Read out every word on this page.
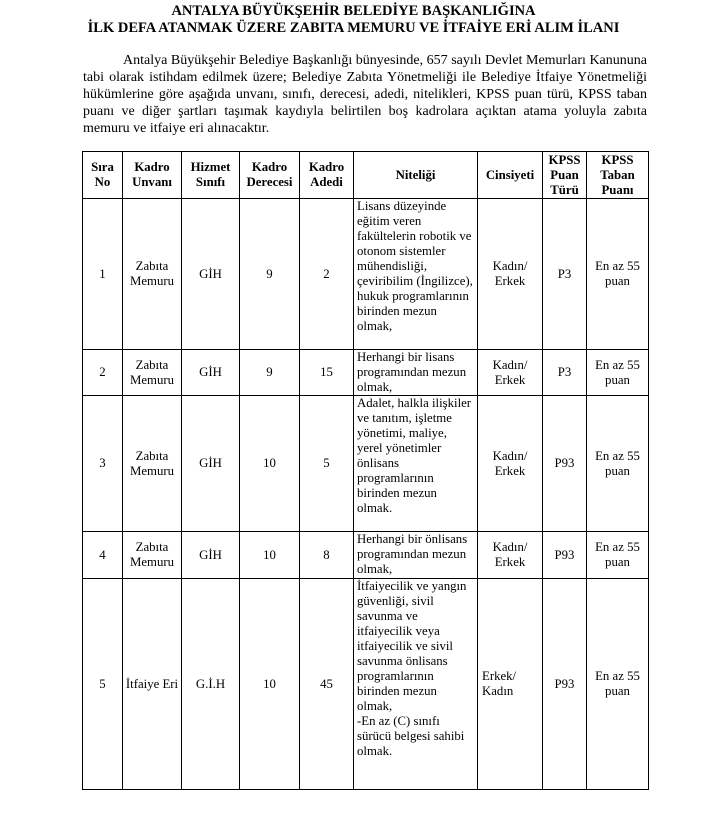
ANTALYA BÜYÜKŞEHİR BELEDİYE BAŞKANLIĞINA
İLK DEFA ATANMAK ÜZERE ZABITA MEMURU VE İTFAİYE ERİ ALIM İLANI

Antalya Büyükşehir Belediye Başkanlığı bünyesinde, 657 sayılı Devlet Memurları Kanununa tabi olarak istihdam edilmek üzere; Belediye Zabıta Yönetmeliği ile Belediye İtfaiye Yönetmeliği hükümlerine göre aşağıda unvanı, sınıfı, derecesi, adedi, nitelikleri, KPSS puan türü, KPSS taban puanı ve diğer şartları taşımak kaydıyla belirtilen boş kadrolara açıktan atama yoluyla zabıta memuru ve itfaiye eri alınacaktır.

Sıra No	Kadro Unvanı	Hizmet Sınıfı	Kadro Derecesi	Kadro Adedi	Niteliği	Cinsiyeti	KPSS Puan Türü	KPSS Taban Puanı
1	Zabıta Memuru	GİH	9	2	Lisans düzeyinde eğitim veren fakültelerin robotik ve otonom sistemler mühendisliği, çeviribilim (İngilizce), hukuk programlarının birinden mezun olmak,	Kadın/ Erkek	P3	En az 55 puan
2	Zabıta Memuru	GİH	9	15	Herhangi bir lisans programından mezun olmak,	Kadın/ Erkek	P3	En az 55 puan
3	Zabıta Memuru	GİH	10	5	Adalet, halkla ilişkiler ve tanıtım, işletme yönetimi, maliye, yerel yönetimler önlisans programlarının birinden mezun olmak.	Kadın/ Erkek	P93	En az 55 puan
4	Zabıta Memuru	GİH	10	8	Herhangi bir önlisans programından mezun olmak,	Kadın/ Erkek	P93	En az 55 puan
5	İtfaiye Eri	G.İ.H	10	45	İtfaiyecilik ve yangın güvenliği, sivil savunma ve itfaiyecilik veya itfaiyecilik ve sivil savunma önlisans programlarının birinden mezun olmak,
-En az (C) sınıfı sürücü belgesi sahibi olmak.	Erkek/ Kadın	P93	En az 55 puan
